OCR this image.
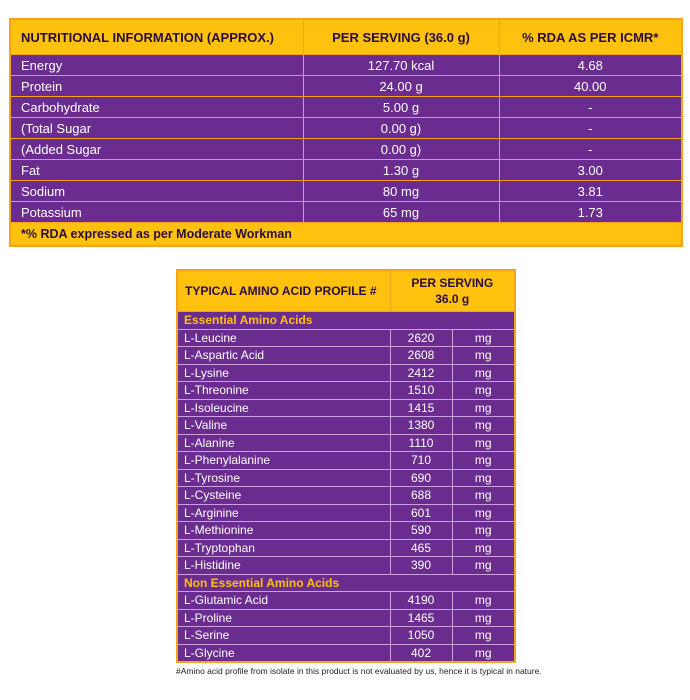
NUTRITIONAL INFORMATION (APPROX.)	PER SERVING (36.0 g)	% RDA AS PER ICMR*
Energy	127.70 kcal	4.68
Protein	24.00 g	40.00
Carbohydrate	5.00 g	-
(Total Sugar	0.00 g)	-
(Added Sugar	0.00 g)	-
Fat	1.30 g	3.00
Sodium	80 mg	3.81
Potassium	65 mg	1.73
*% RDA expressed as per Moderate Workman		
TYPICAL AMINO ACID PROFILE #	PER SERVING
36.0 g	
Essential Amino Acids		
L-Leucine	2620	mg
L-Aspartic Acid	2608	mg
L-Lysine	2412	mg
L-Threonine	1510	mg
L-Isoleucine	1415	mg
L-Valine	1380	mg
L-Alanine	1110	mg
L-Phenylalanine	710	mg
L-Tyrosine	690	mg
L-Cysteine	688	mg
L-Arginine	601	mg
L-Methionine	590	mg
L-Tryptophan	465	mg
L-Histidine	390	mg
Non Essential Amino Acids		
L-Glutamic Acid	4190	mg
L-Proline	1465	mg
L-Serine	1050	mg
L-Glycine	402	mg
#Amino acid profile from isolate in this product is not evaluated by us, hence it is typical in nature.
